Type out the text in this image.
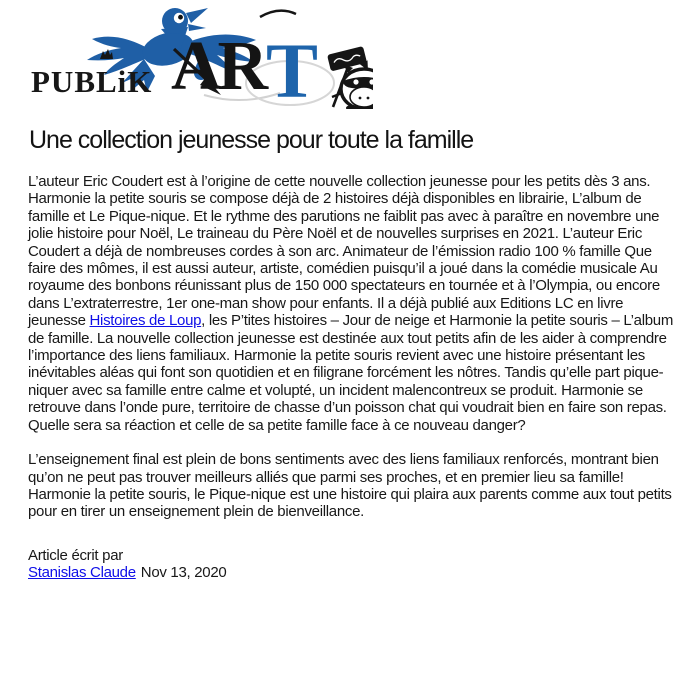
PUBLiK AR T
Une collection jeunesse pour toute la famille

L’auteur Eric Coudert est à l’origine de cette nouvelle collection jeunesse pour les petits dès 3 ans. Harmonie la petite souris se compose déjà de 2 histoires déjà disponibles en librairie, L’album de famille et Le Pique-nique. Et le rythme des parutions ne faiblit pas avec à paraître en novembre une jolie histoire pour Noël, Le traineau du Père Noël et de nouvelles surprises en 2021. L’auteur Eric Coudert a déjà de nombreuses cordes à son arc. Animateur de l’émission radio 100 % famille Que
faire des mômes, il est aussi auteur, artiste, comédien puisqu’il a joué dans la comédie musicale Au royaume des bonbons réunissant plus de 150 000 spectateurs en tournée et à l’Olympia, ou encore dans L’extraterrestre, 1er one-man show pour enfants. Il a déjà publié aux Editions LC en livre jeunesse Histoires de Loup, les P’tites histoires – Jour de neige et Harmonie la petite souris – L’album de famille. La nouvelle collection jeunesse est destinée aux tout petits afin de les aider à comprendre l’importance des liens familiaux. Harmonie la petite souris revient avec une histoire présentant les inévitables aléas qui font son quotidien et en filigrane forcément les nôtres. Tandis qu’elle part pique-niquer avec sa famille entre calme et volupté, un incident malencontreux se produit. Harmonie se retrouve dans l’onde pure, territoire de chasse d’un poisson chat qui voudrait bien en faire son repas. Quelle sera sa réaction et celle de sa petite famille face à ce nouveau danger?

L’enseignement final est plein de bons sentiments avec des liens familiaux renforcés, montrant bien qu’on ne peut pas trouver meilleurs alliés que parmi ses proches, et en premier lieu sa famille! Harmonie la petite souris, le Pique-nique est une histoire qui plaira aux parents comme aux tout petits pour en tirer un enseignement plein de bienveillance.

Article écrit par
Stanislas Claude Nov 13, 2020
